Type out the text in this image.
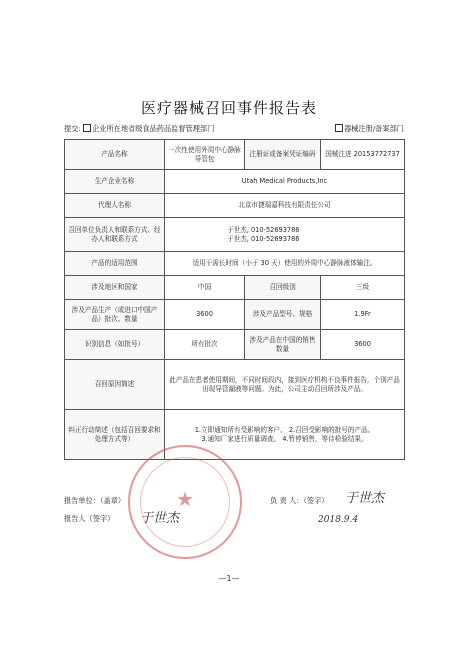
医疗器械召回事件报告表
提交: 企业所在地省级食品药品监督管理部门	器械注册/备案部门
产品名称	一次性使用外周中心静脉导管包	注册证或备案凭证编码	国械注进 20153772737
生产企业名称	Utah Medical Products,Inc		
代理人名称	北京市捷瑞嘉科技有限责任公司		
召回单位负责人和联系方式、经办人和联系方式	于世杰, 010-52693786
于世杰, 010-52693786		

产品的适用范围	适用于需长时间（小于 30 天）使用的外周中心静脉液体输注。		
涉及地区和国家	中国	召回级别	三级
涉及产品生产（或进口中国产品）批次、数量	3600	涉及产品型号、规格	1.9Fr
识别信息（如批号）	所有批次	涉及产品在中国的销售数量	3600
召回原因简述	此产品在患者使用期间，不同时间段内，接到医疗机构不良事件报告，个别产品出现导管漏液等问题。为此，公司主动召回所涉及产品。		
纠正行动简述（包括召回要求和处理方式等）	1.立即通知所有受影响的客户。 2.召回受影响的批号的产品。
3.通知厂家进行质量调查。 4.暂停销售，等待检验结果。		
★
报告单位：（盖章）
报告人（签字） 于世杰
负 责 人：（签字） 于世杰
2018.9.4
—1—
